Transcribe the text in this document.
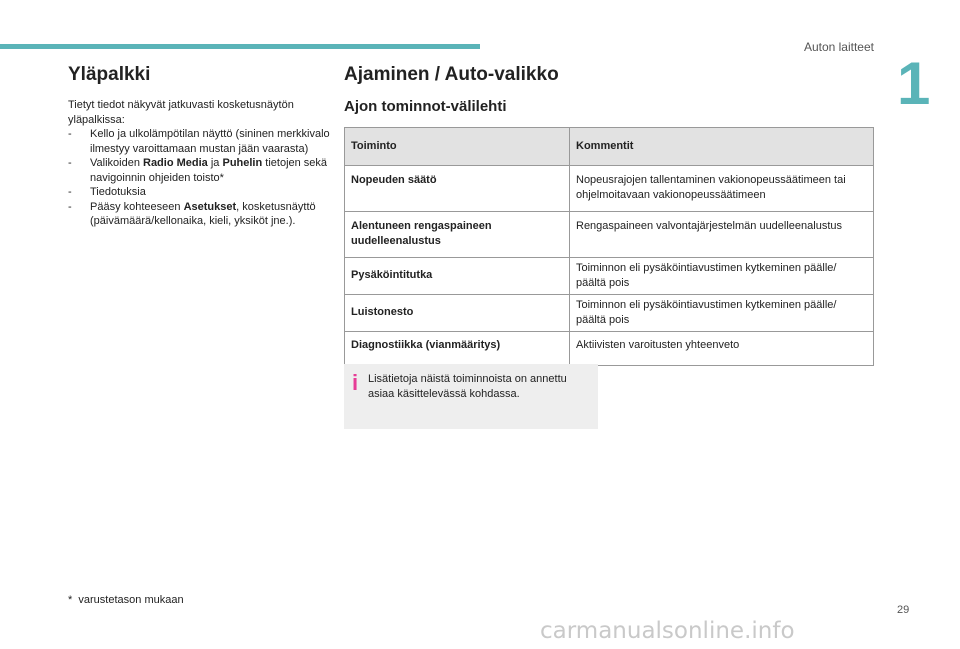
Auton laitteet
1
Yläpalkki
Tietyt tiedot näkyvät jatkuvasti kosketusnäytön yläpalkissa:
-	Kello ja ulkolämpötilan näyttö (sininen merkkivalo ilmestyy varoittamaan mustan jään vaarasta)
-	Valikoiden Radio Media ja Puhelin tietojen sekä navigoinnin ohjeiden toisto*
-	Tiedotuksia
-	Pääsy kohteeseen Asetukset, kosketusnäyttö (päivämäärä/kellonaika, kieli, yksiköt jne.).
Ajaminen / Auto-valikko
Ajon tominnot-välilehti
Toiminto	Kommentit
Nopeuden säätö	Nopeusrajojen tallentaminen vakionopeussäätimeen tai ohjelmoitavaan vakionopeussäätimeen
Alentuneen rengaspaineen uudelleenalustus	Rengaspaineen valvontajärjestelmän uudelleenalustus
Pysäköintitutka	Toiminnon eli pysäköintiavustimen kytkeminen päälle/ päältä pois
Luistonesto	Toiminnon eli pysäköintiavustimen kytkeminen päälle/ päältä pois
Diagnostiikka (vianmääritys)	Aktiivisten varoitusten yhteenveto
i Lisätietoja näistä toiminnoista on annettu asiaa käsittelevässä kohdassa.
* varustetason mukaan
29
carmanualsonline.info
